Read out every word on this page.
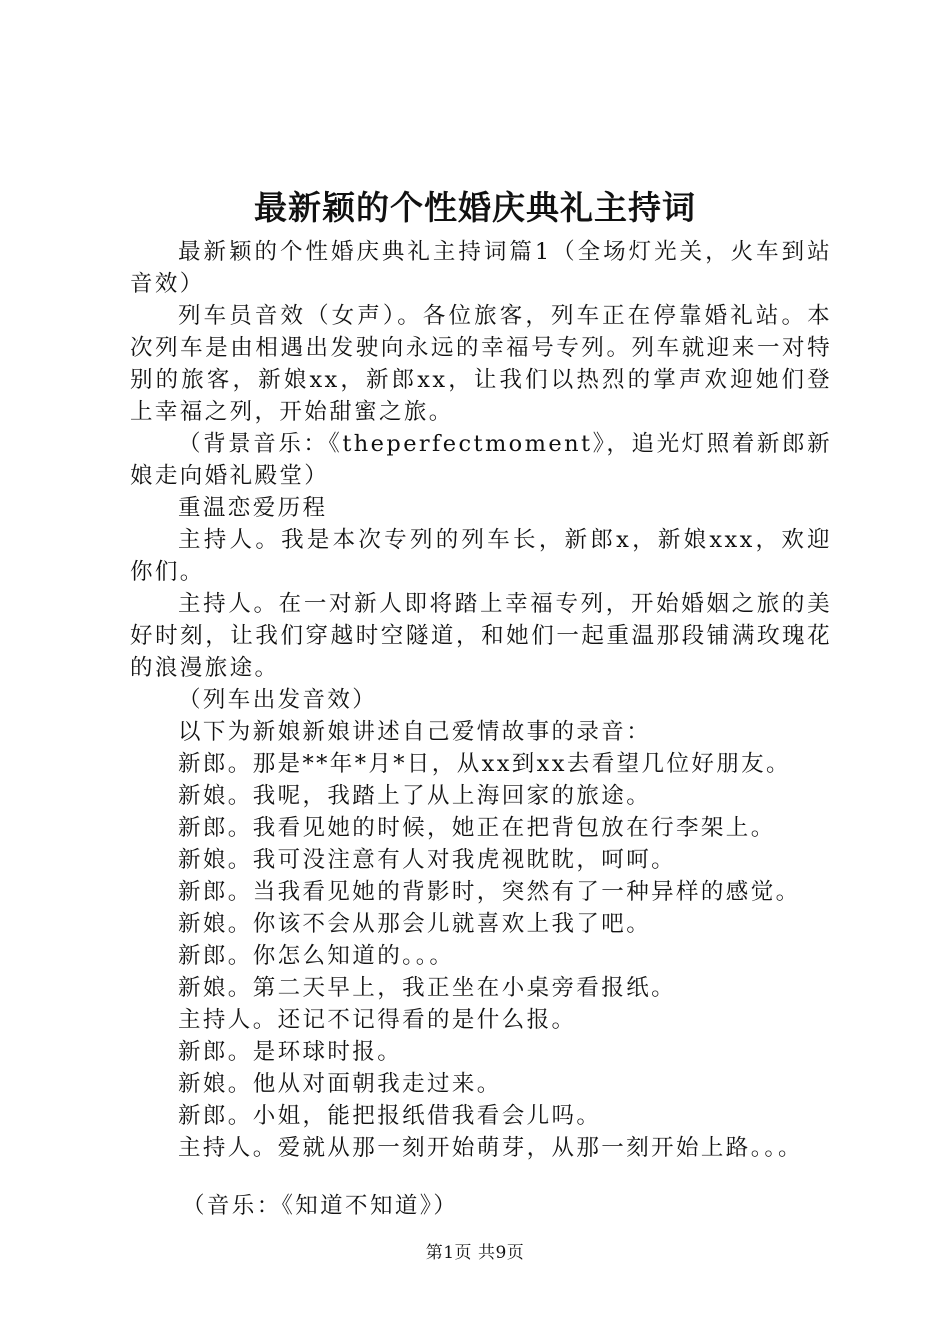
最新颖的个性婚庆典礼主持词

最新颖的个性婚庆典礼主持词篇1（全场灯光关，火车到站音效）

列车员音效（女声）。各位旅客，列车正在停靠婚礼站。本次列车是由相遇出发驶向永远的幸福号专列。列车就迎来一对特别的旅客，新娘xx，新郎xx，让我们以热烈的掌声欢迎她们登上幸福之列，开始甜蜜之旅。

（背景音乐：《theperfectmoment》，追光灯照着新郎新娘走向婚礼殿堂）

重温恋爱历程

主持人。我是本次专列的列车长，新郎x，新娘xxx，欢迎你们。

主持人。在一对新人即将踏上幸福专列，开始婚姻之旅的美好时刻，让我们穿越时空隧道，和她们一起重温那段铺满玫瑰花的浪漫旅途。

（列车出发音效）

以下为新娘新娘讲述自己爱情故事的录音：

新郎。那是**年*月*日，从xx到xx去看望几位好朋友。

新娘。我呢，我踏上了从上海回家的旅途。

新郎。我看见她的时候，她正在把背包放在行李架上。

新娘。我可没注意有人对我虎视眈眈，呵呵。

新郎。当我看见她的背影时，突然有了一种异样的感觉。

新娘。你该不会从那会儿就喜欢上我了吧。

新郎。你怎么知道的。。。

新娘。第二天早上，我正坐在小桌旁看报纸。

主持人。还记不记得看的是什么报。

新郎。是环球时报。

新娘。他从对面朝我走过来。

新郎。小姐，能把报纸借我看会儿吗。

主持人。爱就从那一刻开始萌芽，从那一刻开始上路。。。

（音乐：《知道不知道》）

第1页 共9页
